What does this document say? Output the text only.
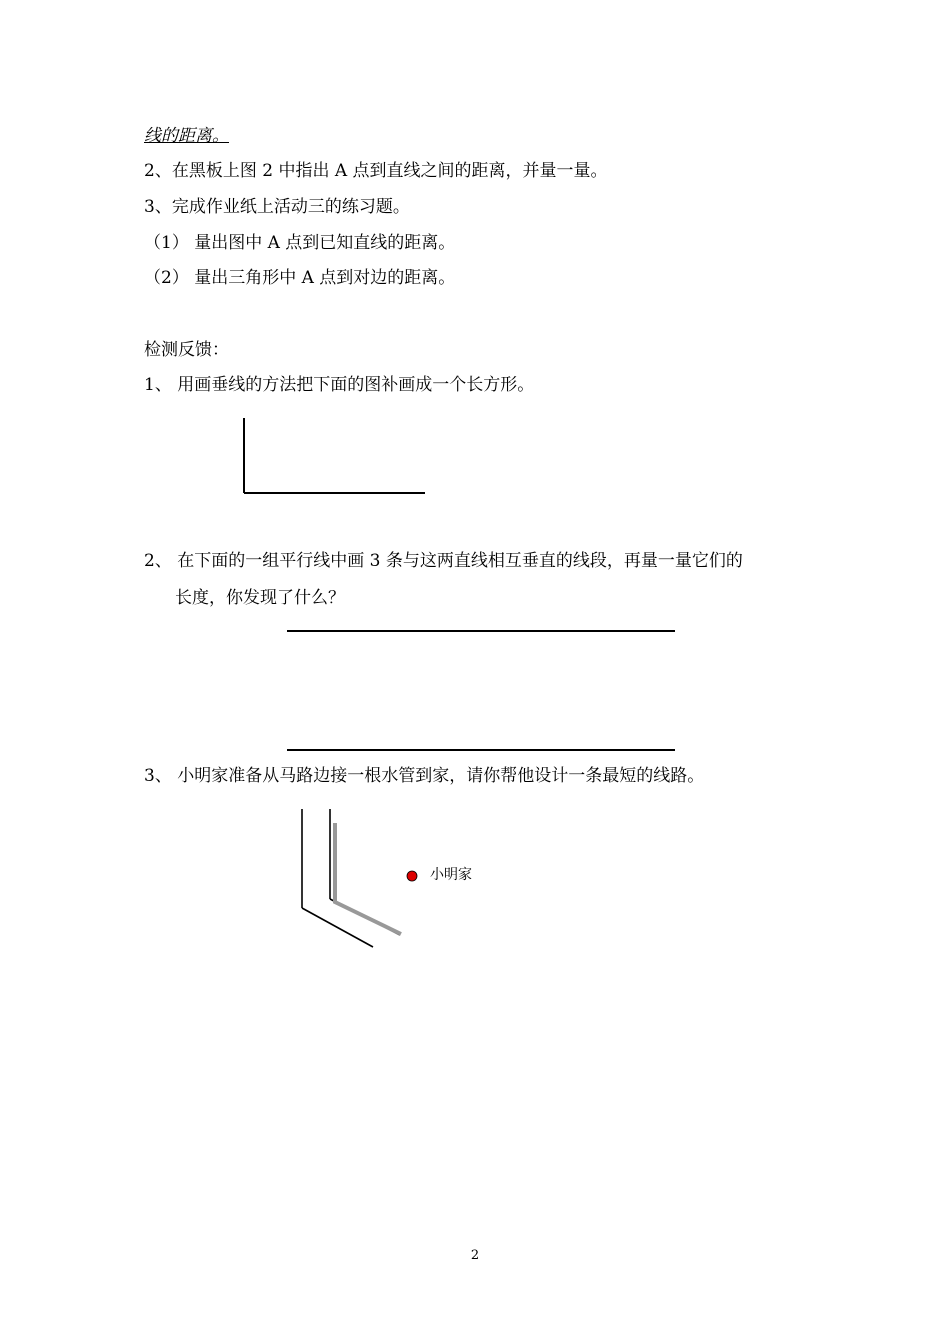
线的距离。
2、在黑板上图 2 中指出 A 点到直线之间的距离，并量一量。
3、完成作业纸上活动三的练习题。
（1） 量出图中 A 点到已知直线的距离。
（2） 量出三角形中 A 点到对边的距离。
检测反馈：
1、 用画垂线的方法把下面的图补画成一个长方形。
2、 在下面的一组平行线中画 3 条与这两直线相互垂直的线段，再量一量它们的
长度，你发现了什么？
3、 小明家准备从马路边接一根水管到家，请你帮他设计一条最短的线路。
小明家
2
